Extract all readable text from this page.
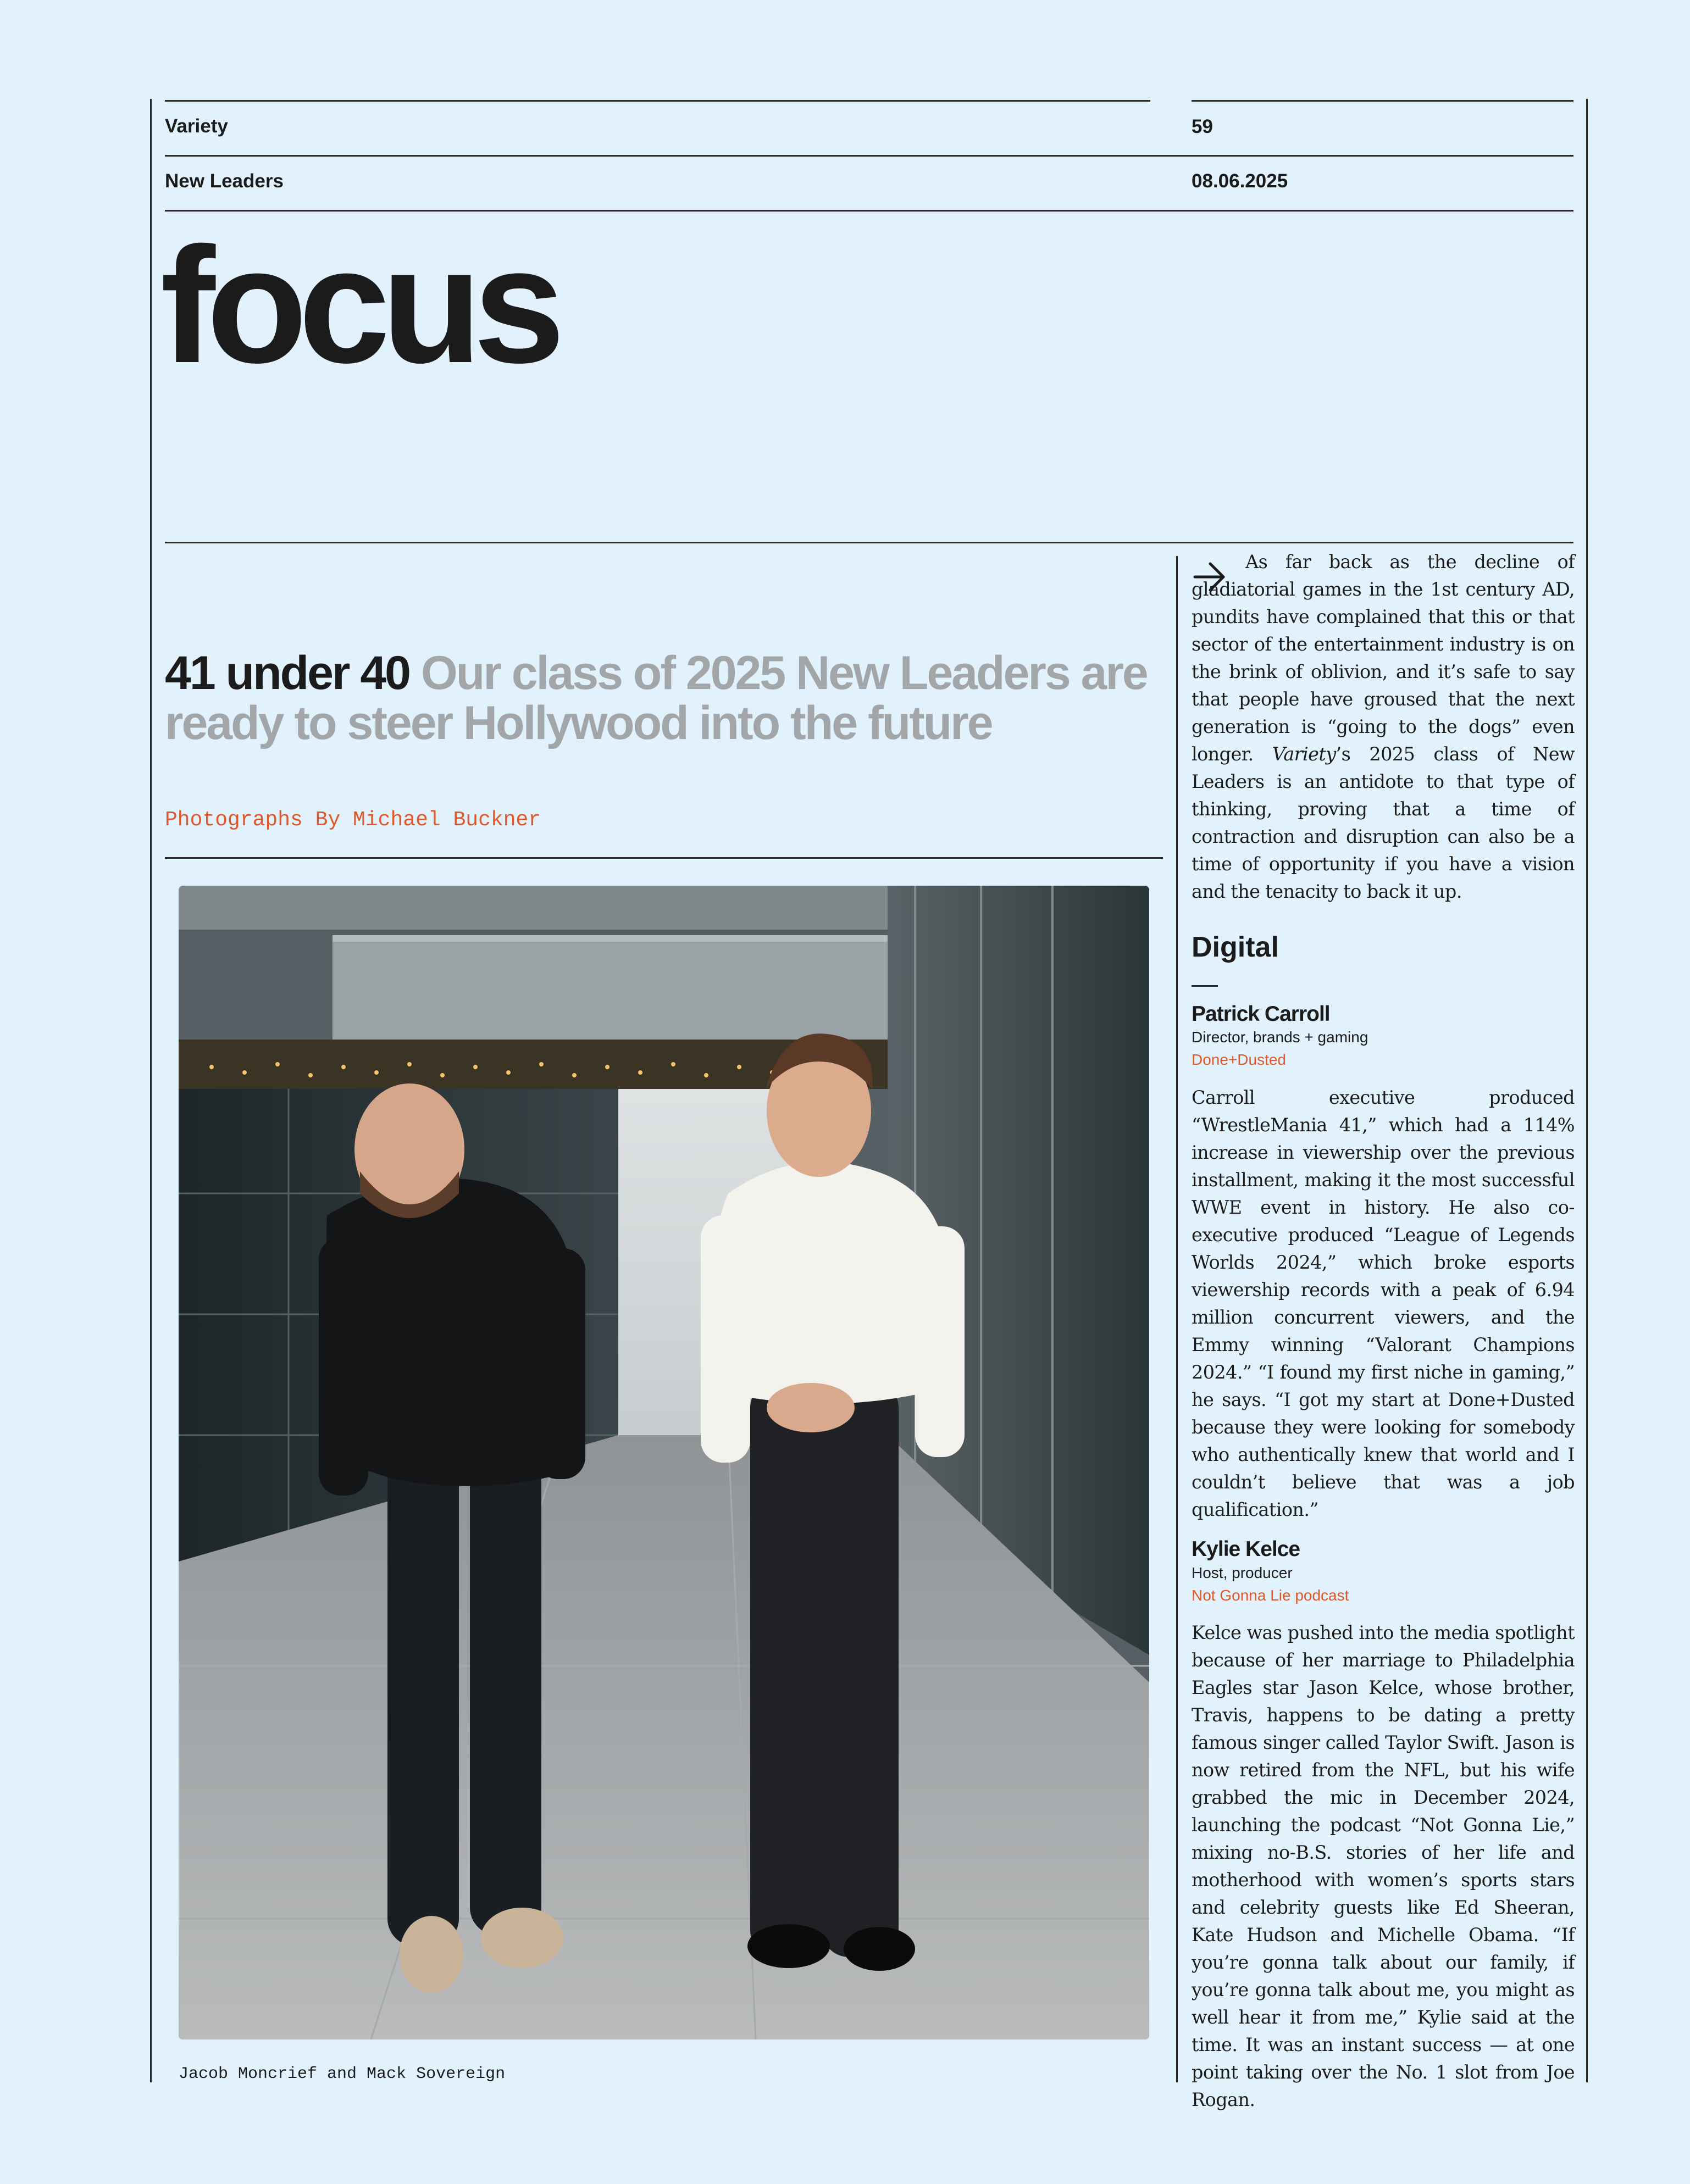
Variety	59
New Leaders	08.06.2025
focus
41 under 40 Our class of 2025 New Leaders are ready to steer Hollywood into the future
Photographs By Michael Buckner
Jacob Moncrief and Mack Sovereign

As far back as the decline of gladiatorial games in the 1st century AD, pundits have complained that this or that sector of the entertainment industry is on the brink of oblivion, and it’s safe to say that people have groused that the next generation is “going to the dogs” even longer. Variety’s 2025 class of New Leaders is an antidote to that type of thinking, proving that a time of contraction and disruption can also be a time of opportunity if you have a vision and the tenacity to back it up.

Digital
Patrick Carroll
Director, brands + gaming
Done+Dusted

Carroll executive produced “WrestleMania 41,” which had a 114% increase in viewership over the previous installment, making it the most successful WWE event in history. He also co-executive produced “League of Legends Worlds 2024,” which broke esports viewership records with a peak of 6.94 million concurrent viewers, and the Emmy winning “Valorant Champions 2024.” “I found my first niche in gaming,” he says. “I got my start at Done+Dusted because they were looking for somebody who authentically knew that world and I couldn’t believe that was a job qualification.”

Kylie Kelce
Host, producer
Not Gonna Lie podcast

Kelce was pushed into the media spotlight because of her marriage to Philadelphia Eagles star Jason Kelce, whose brother, Travis, happens to be dating a pretty famous singer called Taylor Swift. Jason is now retired from the NFL, but his wife grabbed the mic in December 2024, launching the podcast “Not Gonna Lie,” mixing no-B.S. stories of her life and motherhood with women’s sports stars and celebrity guests like Ed Sheeran, Kate Hudson and Michelle Obama. “If you’re gonna talk about our family, if you’re gonna talk about me, you might as well hear it from me,” Kylie said at the time. It was an instant success — at one point taking over the No. 1 slot from Joe Rogan.
